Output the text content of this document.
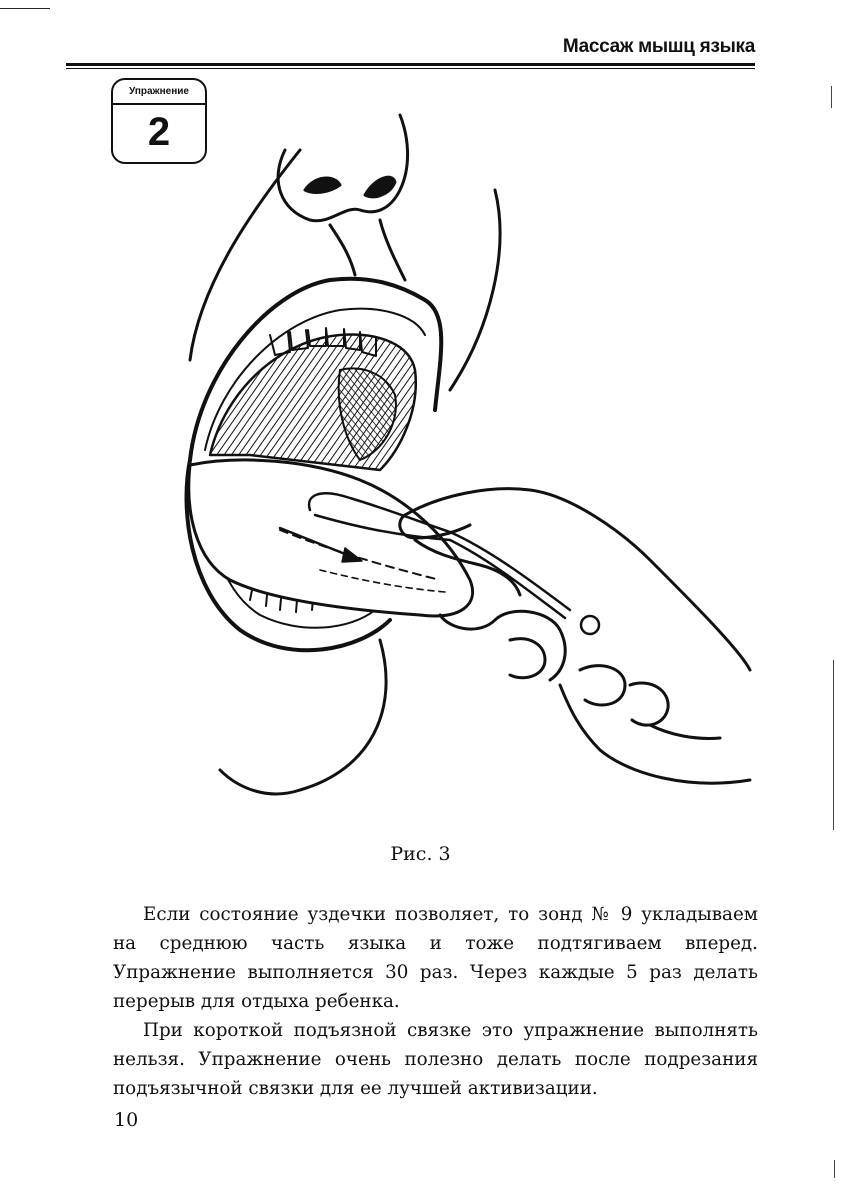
Массаж мышц языка
Упражнение
2
Рис. 3

Если состояние уздечки позволяет, то зонд № 9 укладываем на среднюю часть языка и тоже подтягиваем вперед. Упражнение выполняется 30 раз. Через каждые 5 раз делать перерыв для отдыха ребенка.

При короткой подъязной связке это упражнение выполнять нельзя. Упражнение очень полезно делать после подрезания подъязычной связки для ее лучшей активизации.

10
